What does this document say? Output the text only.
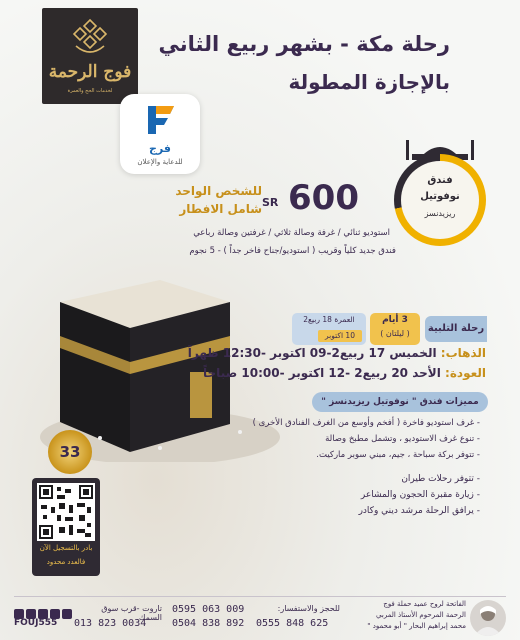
فوج الرحمة
لخدمات الحج والعمرة
رحلة مكة - بشهر ربيع الثاني
بالإجازة المطولة
فرج
للدعاية والإعلان
فندق
نوفوتيل
ريزيدنسز
600
SR
للشخص الواحد
شامل الافطار
استوديو ثنائي / غرفة وصالة ثلاثي / غرفتين وصالة رباعي
فندق جديد كلياً وقريب ( استوديو/جناح فاخر جداً ) - 5 نجوم
رحلة التلبية
3 أيام
( ليلتان )
العمرة 18 ربيع2
10 اكتوبر
الذهاب: الخميس 17 ربيع2-09 اكتوبر -12:30 ظهراً
العودة: الأحد 20 ربيع2 -12 اكتوبر -10:00 صباحاً
مميزات فندق " نوفوتيل ريزيدنسز "
- غرف استوديو فاخرة ( أفخم وأوسع من الغرف الفنادق الأخرى )
- تنوع غرف الاستوديو ، وتشمل مطبخ وصالة
- تتوفر بركة سباحة ، جيم، مبني سوبر ماركيت.
- تتوفر رحلات طيران
- زيارة مقبرة الحجون والمشاعر
- يرافق الرحلة مرشد ديني وكادر
33
بادر بالتسجيل الآن
فالعدد محدود
FOUJ555
تاروت -قرب سوق السمك
013 823 0034
0595 063 009
0504 838 892
للحجز والاستفسار:
0555 848 625
الفاتحة لروح عميد حملة فوج
الرحمة المرحوم الأستاذ المربي
محمد إبراهيم البحار " أبو محمود "
